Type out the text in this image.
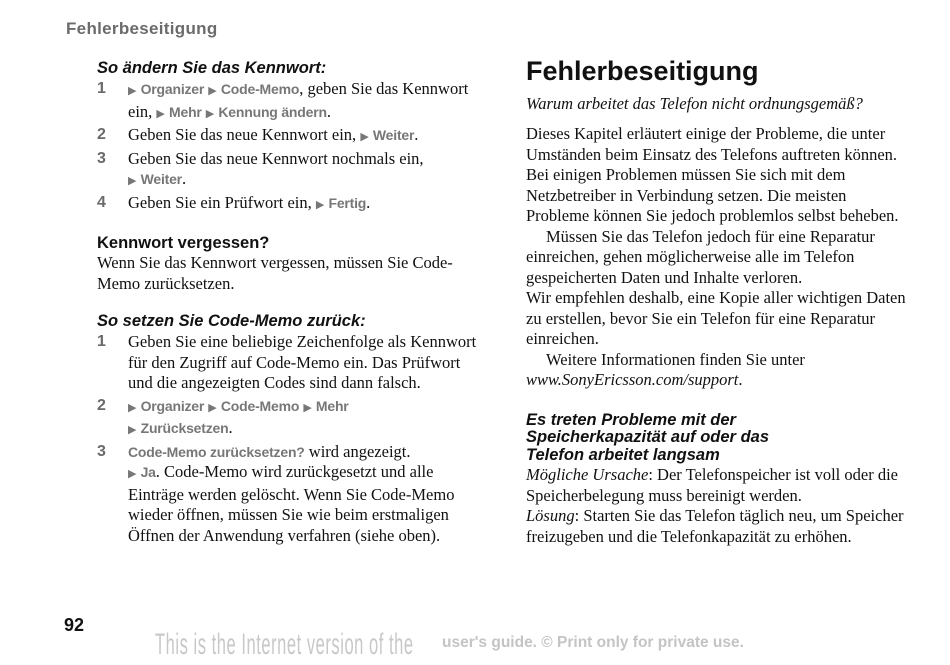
Fehlerbeseitigung
So ändern Sie das Kennwort:
1 ▶ Organizer ▶ Code-Memo, geben Sie das Kennwort ein, ▶ Mehr ▶ Kennung ändern.
2 Geben Sie das neue Kennwort ein, ▶ Weiter.
3 Geben Sie das neue Kennwort nochmals ein,
▶ Weiter.
4 Geben Sie ein Prüfwort ein, ▶ Fertig.
Kennwort vergessen?
Wenn Sie das Kennwort vergessen, müssen Sie Code-Memo zurücksetzen.
So setzen Sie Code-Memo zurück:
1 Geben Sie eine beliebige Zeichenfolge als Kennwort für den Zugriff auf Code-Memo ein. Das Prüfwort und die angezeigten Codes sind dann falsch.
2 ▶ Organizer ▶ Code-Memo ▶ Mehr
▶ Zurücksetzen.
3 Code-Memo zurücksetzen? wird angezeigt.
▶ Ja. Code-Memo wird zurückgesetzt und alle Einträge werden gelöscht. Wenn Sie Code-Memo wieder öffnen, müssen Sie wie beim erstmaligen Öffnen der Anwendung verfahren (siehe oben).
Fehlerbeseitigung
Warum arbeitet das Telefon nicht ordnungsgemäß?
Dieses Kapitel erläutert einige der Probleme, die unter Umständen beim Einsatz des Telefons auftreten können. Bei einigen Problemen müssen Sie sich mit dem Netzbetreiber in Verbindung setzen. Die meisten Probleme können Sie jedoch problemlos selbst beheben.
Müssen Sie das Telefon jedoch für eine Reparatur einreichen, gehen möglicherweise alle im Telefon gespeicherten Daten und Inhalte verloren.
Wir empfehlen deshalb, eine Kopie aller wichtigen Daten zu erstellen, bevor Sie ein Telefon für eine Reparatur einreichen.
Weitere Informationen finden Sie unter
www.SonyEricsson.com/support.
Es treten Probleme mit der Speicherkapazität auf oder das Telefon arbeitet langsam
Mögliche Ursache: Der Telefonspeicher ist voll oder die Speicherbelegung muss bereinigt werden.
Lösung: Starten Sie das Telefon täglich neu, um Speicher freizugeben und die Telefonkapazität zu erhöhen.
92
This is the Internet version of the user's guide. © Print only for private use.
